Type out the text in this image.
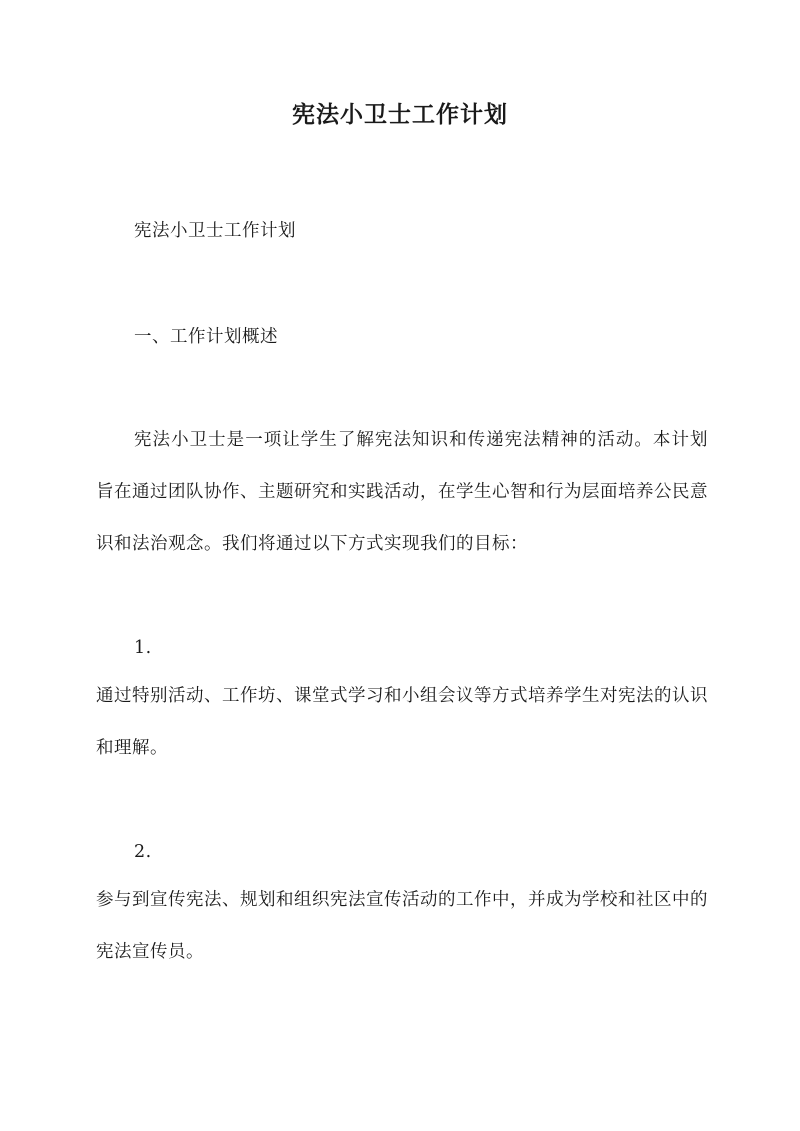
宪法小卫士工作计划

宪法小卫士工作计划

一、工作计划概述

宪法小卫士是一项让学生了解宪法知识和传递宪法精神的活动。本计划旨在通过团队协作、主题研究和实践活动，在学生心智和行为层面培养公民意识和法治观念。我们将通过以下方式实现我们的目标：

1.

通过特别活动、工作坊、课堂式学习和小组会议等方式培养学生对宪法的认识和理解。

2.

参与到宣传宪法、规划和组织宪法宣传活动的工作中，并成为学校和社区中的宪法宣传员。
